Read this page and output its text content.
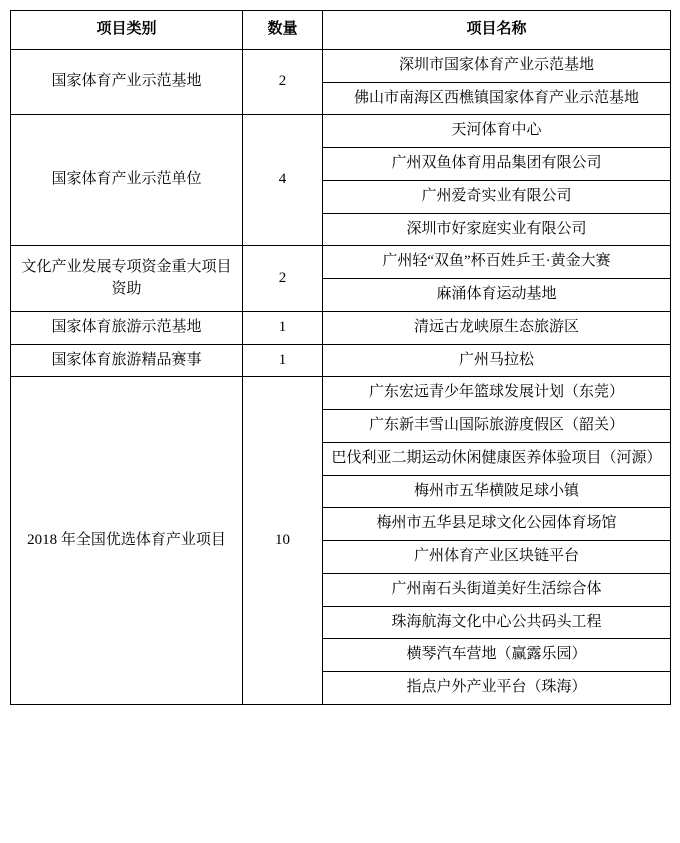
项目类别	数量	项目名称
国家体育产业示范基地	2	深圳市国家体育产业示范基地
		佛山市南海区西樵镇国家体育产业示范基地
国家体育产业示范单位	4	天河体育中心
		广州双鱼体育用品集团有限公司
		广州爱奇实业有限公司
		深圳市好家庭实业有限公司
文化产业发展专项资金重大项目资助	2	广州轻“双鱼”杯百姓乒王·黄金大赛
		麻涌体育运动基地
国家体育旅游示范基地	1	清远古龙峡原生态旅游区
国家体育旅游精品赛事	1	广州马拉松
2018 年全国优选体育产业项目	10	广东宏远青少年篮球发展计划（东莞）
		广东新丰雪山国际旅游度假区（韶关）
		巴伐利亚二期运动休闲健康医养体验项目（河源）
		梅州市五华横陂足球小镇
		梅州市五华县足球文化公园体育场馆
		广州体育产业区块链平台
		广州南石头街道美好生活综合体
		珠海航海文化中心公共码头工程
		横琴汽车营地（赢露乐园）
		指点户外产业平台（珠海）
